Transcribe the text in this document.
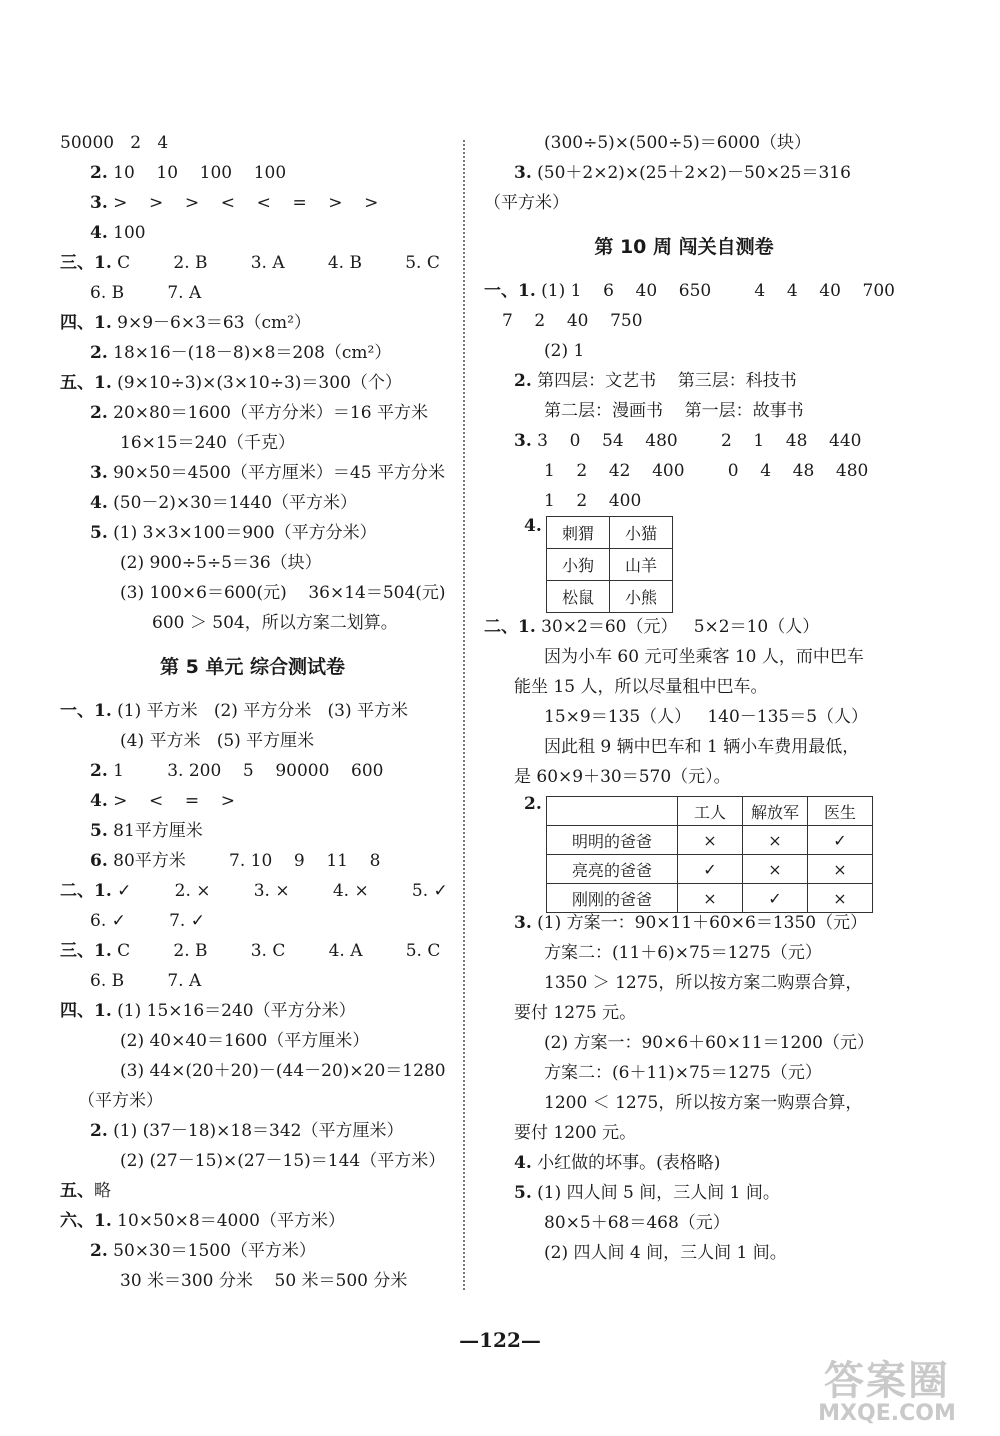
50000   2   4
2. 10    10    100    100
3. >    >    >    <    <    =    >    >
4. 100
三、1. C        2. B        3. A        4. B        5. C
6. B        7. A
四、1. 9×9－6×3＝63（cm²）
2. 18×16－(18－8)×8＝208（cm²）
五、1. (9×10÷3)×(3×10÷3)＝300（个）
2. 20×80＝1600（平方分米）＝16 平方米
16×15＝240（千克）
3. 90×50＝4500（平方厘米）＝45 平方分米
4. (50－2)×30＝1440（平方米）
5. (1) 3×3×100＝900（平方分米）
(2) 900÷5÷5＝36（块）
(3) 100×6＝600(元)    36×14＝504(元)
600 ＞ 504，所以方案二划算。
第 5 单元 综合测试卷
一、1. (1) 平方米   (2) 平方分米   (3) 平方米
(4) 平方米   (5) 平方厘米
2. 1        3. 200    5    90000    600
4. >    <    =    >
5. 81平方厘米
6. 80平方米        7. 10    9    11    8
二、1. ✓        2. ×        3. ×        4. ×        5. ✓
6. ✓        7. ✓
三、1. C        2. B        3. C        4. A        5. C
6. B        7. A
四、1. (1) 15×16＝240（平方分米）
(2) 40×40＝1600（平方厘米）
(3) 44×(20＋20)－(44－20)×20＝1280
（平方米）
2. (1) (37－18)×18＝342（平方厘米）
(2) (27－15)×(27－15)＝144（平方米）
五、略
六、1. 10×50×8＝4000（平方米）
2. 50×30＝1500（平方米）
30 米＝300 分米    50 米＝500 分米
(300÷5)×(500÷5)＝6000（块）
3. (50＋2×2)×(25＋2×2)－50×25＝316
（平方米）
第 10 周 闯关自测卷
一、1. (1) 1    6    40    650        4    4    40    700
7    2    40    750
(2) 1
2. 第四层：文艺书    第三层：科技书
第二层：漫画书    第一层：故事书
3. 3    0    54    480        2    1    48    440
1    2    42    400        0    4    48    480
1    2    400
4. 刺猬	小猫
小狗	山羊
松鼠	小熊
二、1. 30×2＝60（元）   5×2＝10（人）
因为小车 60 元可坐乘客 10 人，而中巴车
能坐 15 人，所以尽量租中巴车。
15×9＝135（人）   140－135＝5（人）
因此租 9 辆中巴车和 1 辆小车费用最低，
是 60×9＋30＝570（元）。
2.
		工人	解放军	医生
明明的爸爸	×	×	✓
亮亮的爸爸	✓	×	×
刚刚的爸爸	×	✓	×
3. (1) 方案一：90×11＋60×6＝1350（元）
方案二：(11＋6)×75＝1275（元）
1350 ＞ 1275，所以按方案二购票合算，
要付 1275 元。
(2) 方案一：90×6＋60×11＝1200（元）
方案二：(6＋11)×75＝1275（元）
1200 ＜ 1275，所以按方案一购票合算，
要付 1200 元。
4. 小红做的坏事。(表格略)
5. (1) 四人间 5 间，三人间 1 间。
80×5＋68＝468（元）
(2) 四人间 4 间，三人间 1 间。
—122—
答案圈
MXQE.COM
